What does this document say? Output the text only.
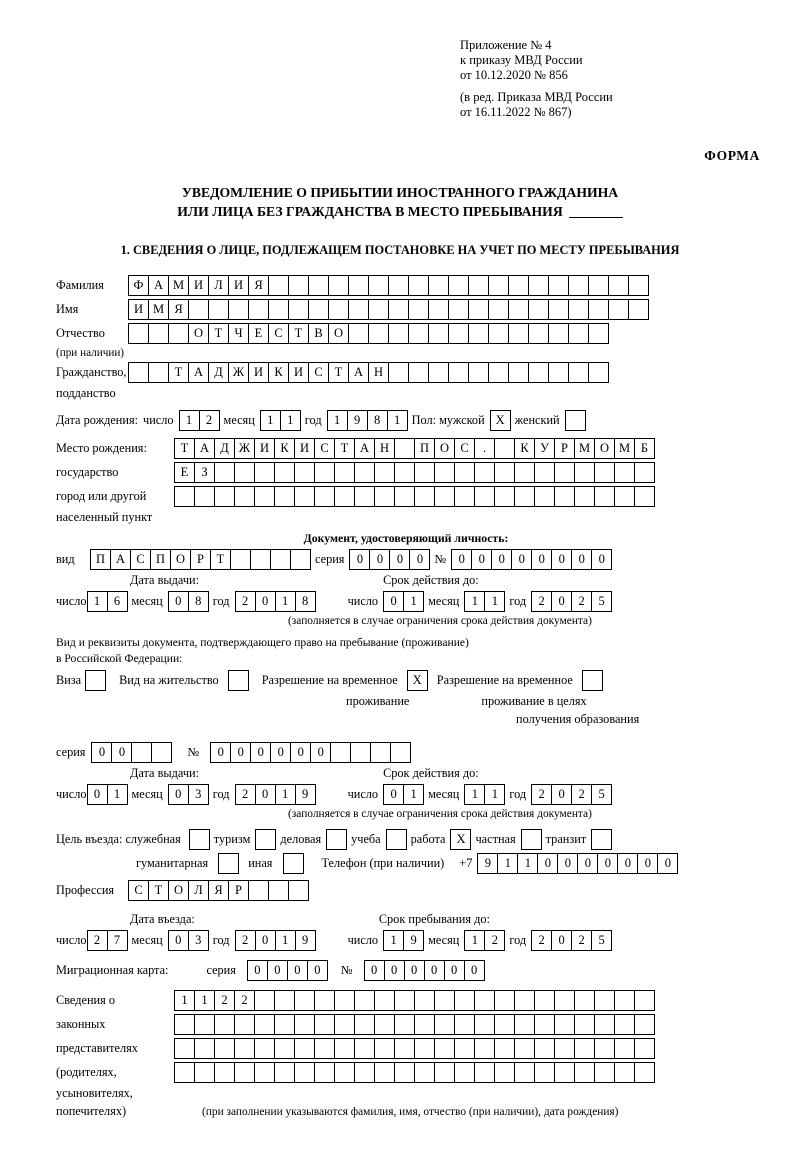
Приложение № 4
к приказу МВД России
от 10.12.2020 № 856
(в ред. Приказа МВД России
от 16.11.2022 № 867)
ФОРМА
УВЕДОМЛЕНИЕ О ПРИБЫТИИ ИНОСТРАННОГО ГРАЖДАНИНА
ИЛИ ЛИЦА БЕЗ ГРАЖДАНСТВА В МЕСТО ПРЕБЫВАНИЯ
1. СВЕДЕНИЯ О ЛИЦЕ, ПОДЛЕЖАЩЕМ ПОСТАНОВКЕ НА УЧЕТ ПО МЕСТУ ПРЕБЫВАНИЯ
Фамилия	Ф А М И Л И Я
Имя	И М Я
Отчество	О Т Ч Е С Т В О
(при наличии)
Гражданство,	Т А Д Ж И К И С Т А Н
подданство
Дата рождения: число 1	2 месяц 1	1 год 1	9	8	1 Пол: мужской X женский
Место рождения:	Т А Д Ж И К И С Т А Н	П О С	.	К У Р М О М Б
государство	Е	З
город или другой
населенный пункт
Документ, удостоверяющий личность:
вид	П А С П О Р	Т	серия 0	0	0	0 № 0	0	0	0	0	0	0	0
Дата выдачи:	Срок действия до:
число 1	6 месяц 0	8 год 2	0	1	8	число 0	1 месяц 1	1 год 2	0	2	5
(заполняется в случае ограничения срока действия документа)
Вид и реквизиты документа, подтверждающего право на пребывание (проживание)
в Российской Федерации:
Виза	Вид на жительство	Разрешение на временное	X	Разрешение на временное
проживание	проживание в целях
получения образования
серия	0	0	№	0	0	0	0	0	0
Дата выдачи:	Срок действия до:
число 0	1 месяц 0	3 год 2	0	1	9	число 0	1 месяц 1	1 год 2	0	2	5
(заполняется в случае ограничения срока действия документа)
Цель въезда: служебная	туризм деловая учеба работа X частная транзит
гуманитарная	иная	Телефон (при наличии) +7 9	1	1	0	0	0	0	0	0	0
Профессия	С Т О Л Я Р
Дата въезда:	Срок пребывания до:
число 2	7 месяц 0	3 год 2	0	1	9	число 1	9 месяц 1	2 год 2	0	2	5
Миграционная карта:	серия	0	0	0	0	№	0	0	0	0	0	0
Сведения о	1	1	2	2
законных
представителях
(родителях,
усыновителях,
попечителях)	(при заполнении указываются фамилия, имя, отчество (при наличии), дата рождения)
